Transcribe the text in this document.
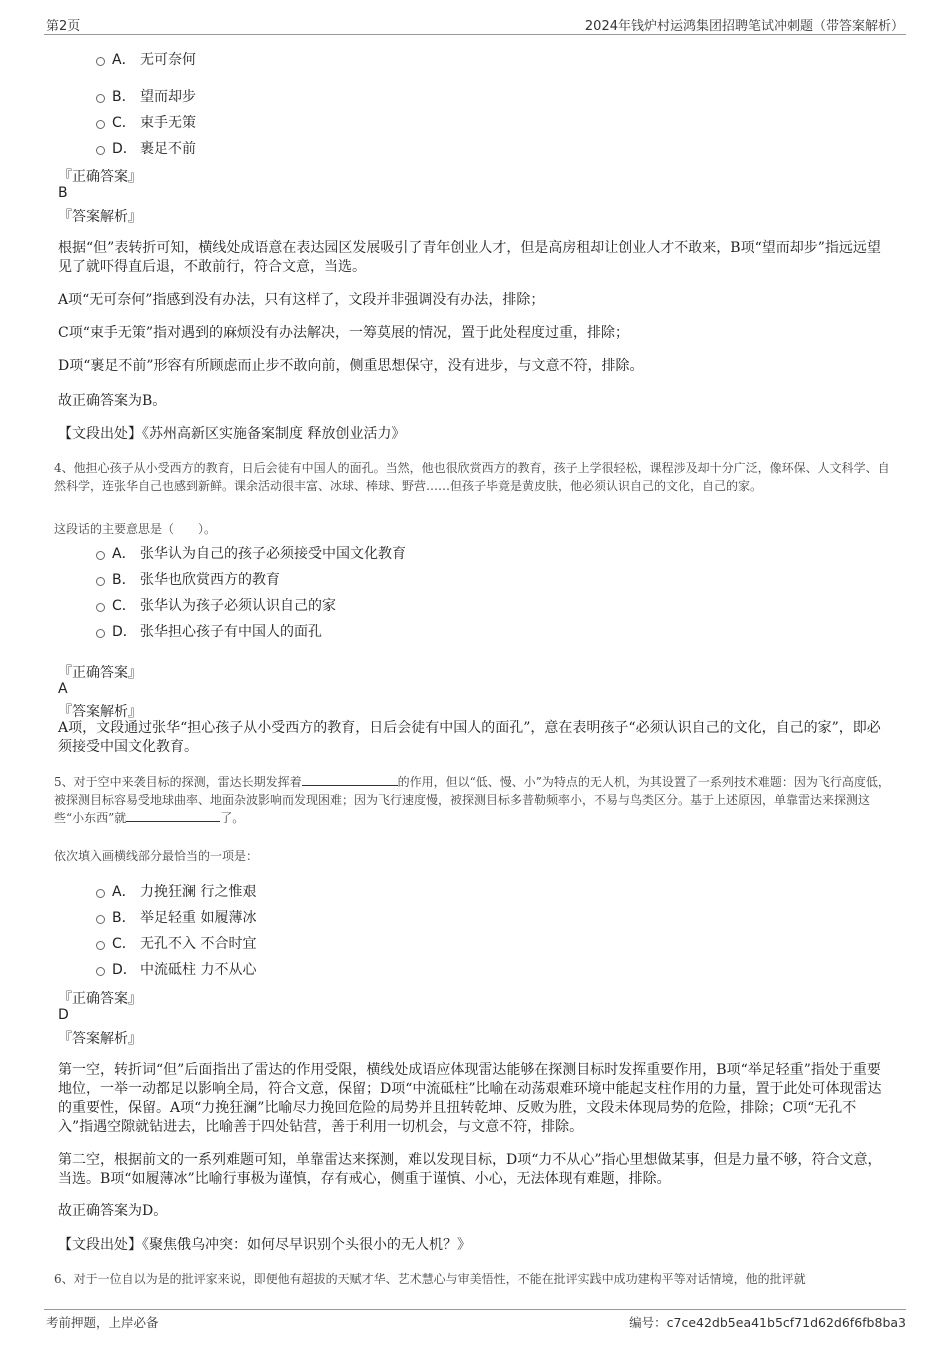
第2页	2024年钱炉村运鸿集团招聘笔试冲刺题（带答案解析）
A． 无可奈何
B． 望而却步
C． 束手无策
D． 裹足不前
『正确答案』
B
『答案解析』

根据“但”表转折可知，横线处成语意在表达园区发展吸引了青年创业人才，但是高房租却让创业人才不敢来，B项“望而却步”指远远望见了就吓得直后退，不敢前行，符合文意，当选。

A项“无可奈何”指感到没有办法，只有这样了，文段并非强调没有办法，排除；

C项“束手无策”指对遇到的麻烦没有办法解决，一筹莫展的情况，置于此处程度过重，排除；

D项“裹足不前”形容有所顾虑而止步不敢向前，侧重思想保守，没有进步，与文意不符，排除。

故正确答案为B。

【文段出处】《苏州高新区实施备案制度 释放创业活力》

4、他担心孩子从小受西方的教育，日后会徒有中国人的面孔。当然，他也很欣赏西方的教育，孩子上学很轻松，课程涉及却十分广泛，像环保、人文科学、自然科学，连张华自己也感到新鲜。课余活动很丰富、冰球、棒球、野营……但孩子毕竟是黄皮肤，他必须认识自己的文化，自己的家。

这段话的主要意思是（　　）。

A． 张华认为自己的孩子必须接受中国文化教育
B． 张华也欣赏西方的教育
C． 张华认为孩子必须认识自己的家
D． 张华担心孩子有中国人的面孔
『正确答案』
A
『答案解析』

A项，文段通过张华“担心孩子从小受西方的教育，日后会徒有中国人的面孔”，意在表明孩子“必须认识自己的文化，自己的家”，即必须接受中国文化教育。

5、对于空中来袭目标的探测，雷达长期发挥着	的作用，但以“低、慢、小”为特点的无人机，为其设置了一系列技术难题：因为飞行高度低，被探测目标容易受地球曲率、地面杂波影响而发现困难；因为飞行速度慢，被探测目标多普勒频率小，不易与鸟类区分。基于上述原因，单靠雷达来探测这些“小东西”就	了。

依次填入画横线部分最恰当的一项是：

A． 力挽狂澜 行之惟艰
B． 举足轻重 如履薄冰
C． 无孔不入 不合时宜
D． 中流砥柱 力不从心
『正确答案』
D
『答案解析』

第一空，转折词“但”后面指出了雷达的作用受限，横线处成语应体现雷达能够在探测目标时发挥重要作用，B项“举足轻重”指处于重要地位，一举一动都足以影响全局，符合文意，保留；D项“中流砥柱”比喻在动荡艰难环境中能起支柱作用的力量，置于此处可体现雷达的重要性，保留。A项“力挽狂澜”比喻尽力挽回危险的局势并且扭转乾坤、反败为胜，文段未体现局势的危险，排除；C项“无孔不入”指遇空隙就钻进去，比喻善于四处钻营，善于利用一切机会，与文意不符，排除。

第二空，根据前文的一系列难题可知，单靠雷达来探测，难以发现目标，D项“力不从心”指心里想做某事，但是力量不够，符合文意，当选。B项“如履薄冰”比喻行事极为谨慎，存有戒心，侧重于谨慎、小心，无法体现有难题，排除。

故正确答案为D。

【文段出处】《聚焦俄乌冲突：如何尽早识别个头很小的无人机？》

6、对于一位自以为是的批评家来说，即便他有超拔的天赋才华、艺术慧心与审美悟性，不能在批评实践中成功建构平等对话情境，他的批评就

考前押题，上岸必备	编号：c7ce42db5ea41b5cf71d62d6f6fb8ba3
